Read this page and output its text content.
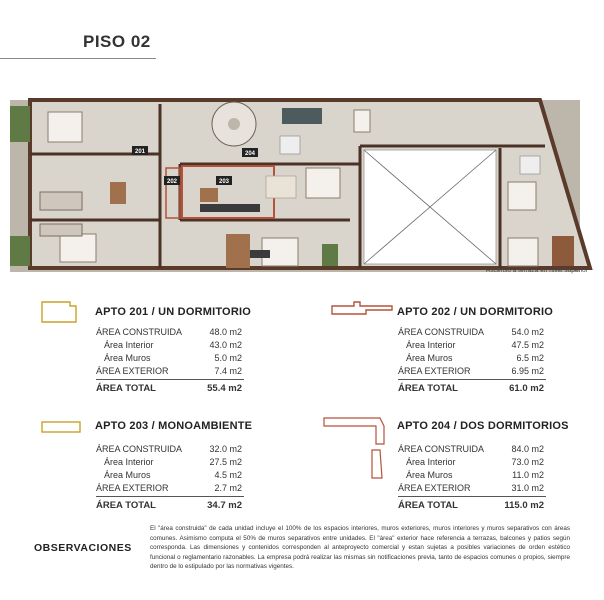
PISO 02
201
202	203
204
Ascenso a terraza en nivel superior
APTO 201 / UN DORMITORIO
ÁREA CONSTRUIDA	48.0 m2
Área Interior	43.0 m2
Área Muros	5.0 m2
ÁREA EXTERIOR	7.4 m2
ÁREA TOTAL	55.4 m2
APTO 202 / UN DORMITORIO
ÁREA CONSTRUIDA	54.0 m2
Área Interior	47.5 m2
Área Muros	6.5 m2
ÁREA EXTERIOR	6.95 m2
ÁREA TOTAL	61.0 m2
APTO 203 / MONOAMBIENTE
ÁREA CONSTRUIDA	32.0 m2
Área Interior	27.5 m2
Área Muros	4.5 m2
ÁREA EXTERIOR	2.7 m2
ÁREA TOTAL	34.7 m2
APTO 204 / DOS DORMITORIOS
ÁREA CONSTRUIDA	84.0 m2
Área Interior	73.0 m2
Área Muros	11.0 m2
ÁREA EXTERIOR	31.0 m2
ÁREA TOTAL	115.0 m2
OBSERVACIONES
El "área construida" de cada unidad incluye el 100% de los espacios interiores, muros exteriores, muros interiores y muros separativos con áreas comunes. Asimismo computa el 50% de muros separativos entre unidades. El "área" exterior hace referencia a terrazas, balcones y patios según corresponda. Las dimensiones y contenidos corresponden al anteproyecto comercial y estan sujetas a posibles variaciones de orden estético funcional o reglamentario razonables. La empresa podrá realizar las mismas sin notificaciones previa, tanto de espacios comunes o propios, siempre dentro de lo estipulado por las normativas vigentes.
